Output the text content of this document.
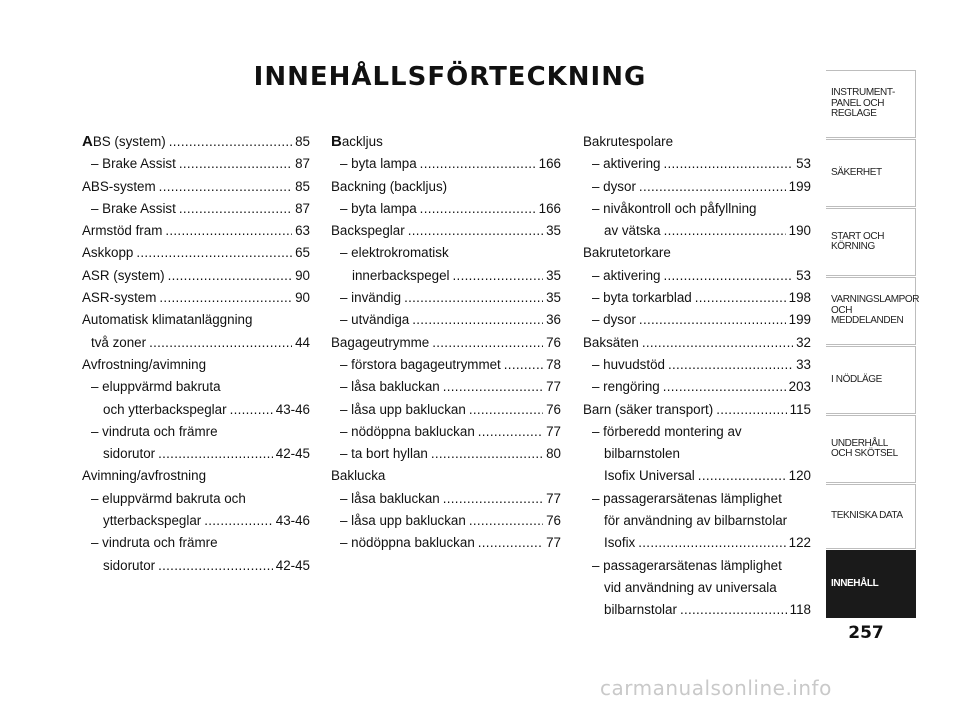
INNEHÅLLSFÖRTECKNING
ABS (system) .....	85
– Brake Assist .....	87
ABS-system .....	85
– Brake Assist .....	87
Armstöd fram .....	63
Askkopp .....	65
ASR (system) .....	90
ASR-system .....	90
Automatisk klimatanläggning
två zoner .....	44
Avfrostning/avimning
– eluppvärmd bakruta
och ytterbackspeglar .....	43-46
– vindruta och främre
sidorutor .....	42-45
Avimning/avfrostning
– eluppvärmd bakruta och
ytterbackspeglar .....	43-46
– vindruta och främre
sidorutor .....	42-45
Backljus
– byta lampa .....	166
Backning (backljus)
– byta lampa .....	166
Backspeglar .....	35
– elektrokromatisk
innerbackspegel .....	35
– invändig .....	35
– utvändiga .....	36
Bagageutrymme .....	76
– förstora bagageutrymmet .....	78
– låsa bakluckan .....	77
– låsa upp bakluckan .....	76
– nödöppna bakluckan .....	77
– ta bort hyllan .....	80
Baklucka
– låsa bakluckan .....	77
– låsa upp bakluckan .....	76
– nödöppna bakluckan .....	77
Bakrutespolare
– aktivering .....	53
– dysor .....	199
– nivåkontroll och påfyllning
av vätska .....	190
Bakrutetorkare
– aktivering .....	53
– byta torkarblad .....	198
– dysor .....	199
Baksäten .....	32
– huvudstöd .....	33
– rengöring .....	203
Barn (säker transport) .....	115
– förberedd montering av
bilbarnstolen
Isofix Universal .....	120
– passagerarsätenas lämplighet
för användning av bilbarnstolar
Isofix .....	122
– passagerarsätenas lämplighet
vid användning av universala
bilbarnstolar .....	118
INSTRUMENT-
PANEL OCH
REGLAGE
SÄKERHET
START OCH
KÖRNING
VARNINGSLAMPOR
OCH
MEDDELANDEN
I NÖDLÄGE
UNDERHÅLL
OCH SKÖTSEL
TEKNISKA DATA
INNEHÅLL
257
carmanualsonline.info
